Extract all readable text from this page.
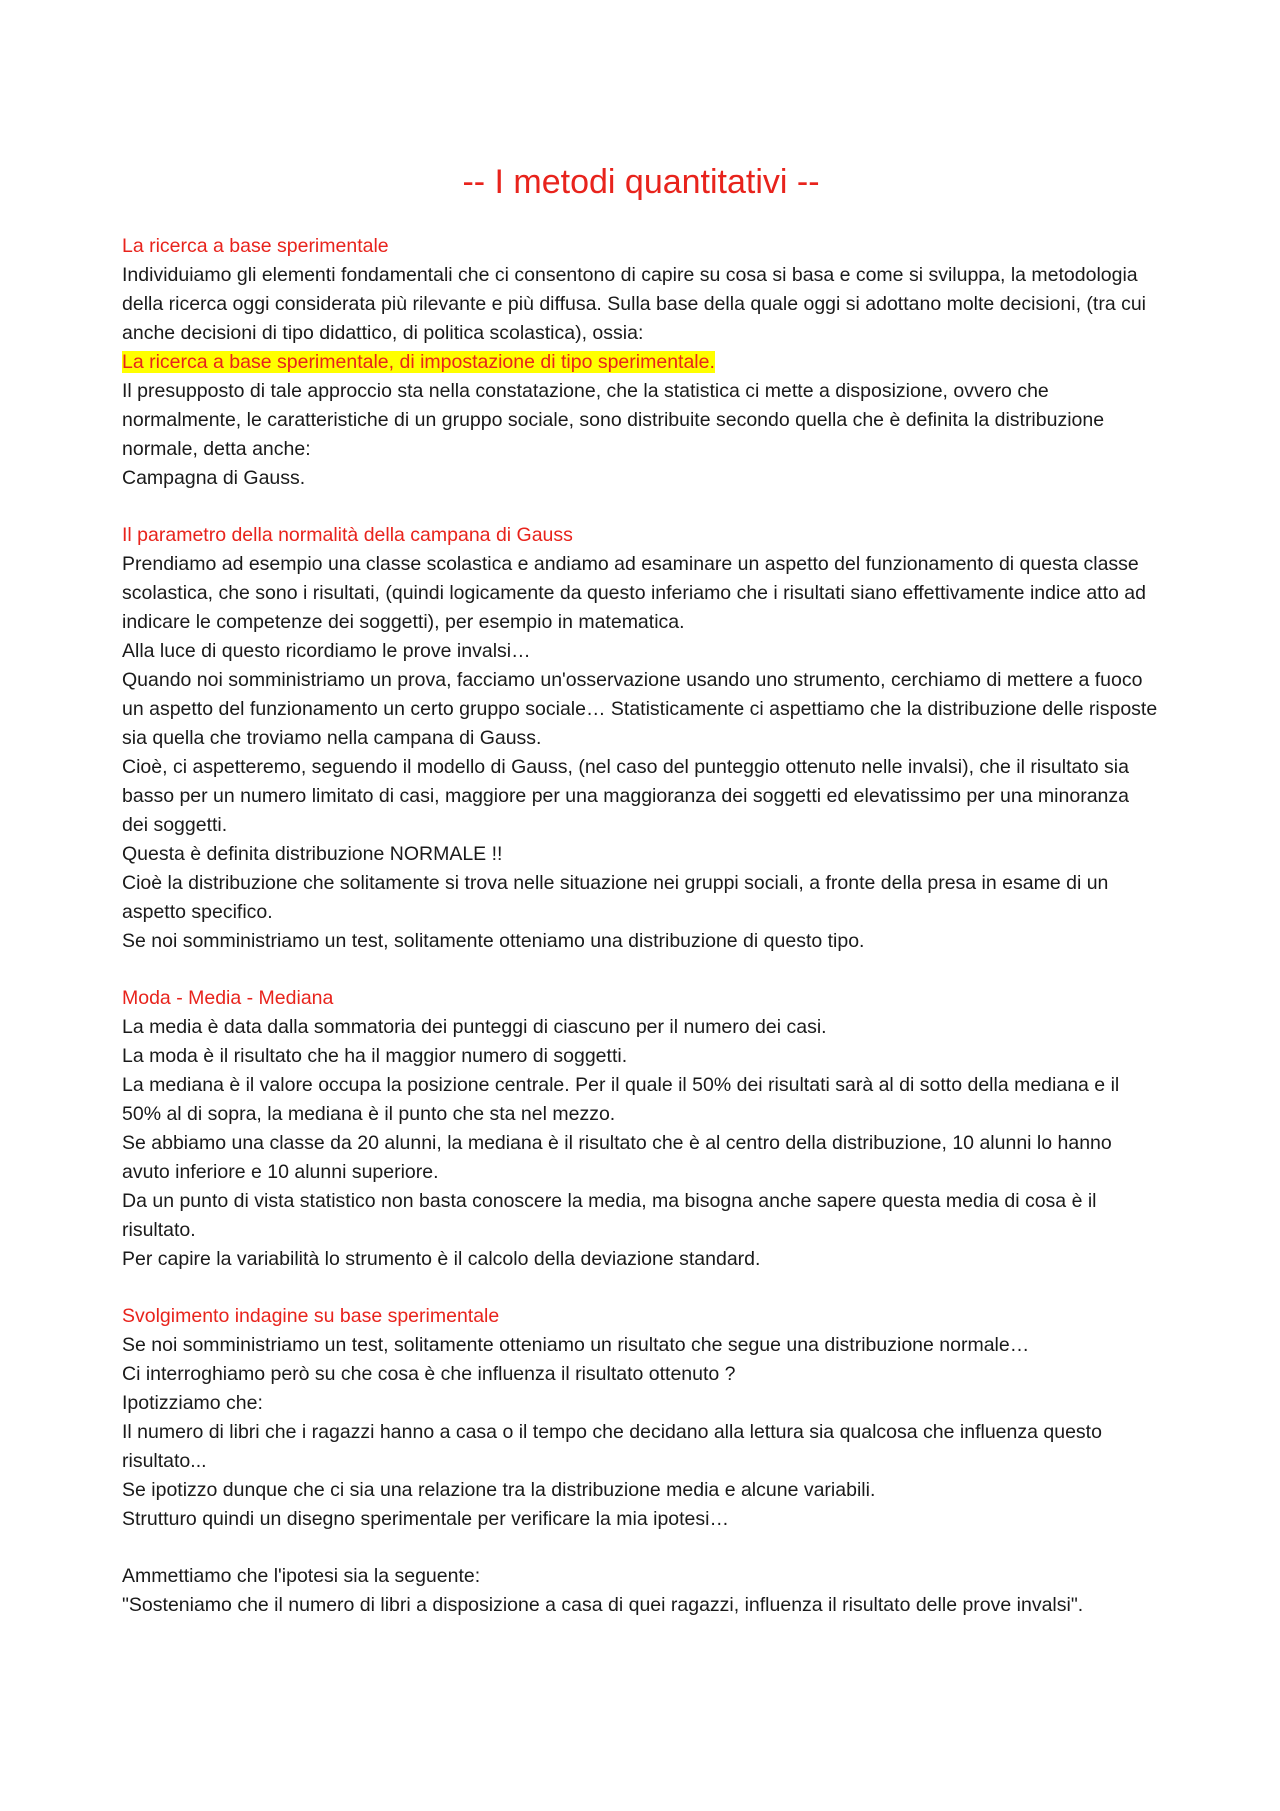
-- I metodi quantitativi --

La ricerca a base sperimentale

Individuiamo gli elementi fondamentali che ci consentono di capire su cosa si basa e come si sviluppa, la metodologia della ricerca oggi considerata più rilevante e più diffusa. Sulla base della quale oggi si adottano molte decisioni, (tra cui anche decisioni di tipo didattico, di politica scolastica), ossia:

La ricerca a base sperimentale, di impostazione di tipo sperimentale.

Il presupposto di tale approccio sta nella constatazione, che la statistica ci mette a disposizione, ovvero che normalmente, le caratteristiche di un gruppo sociale, sono distribuite secondo quella che è definita la distribuzione normale, detta anche:

Campagna di Gauss.

Il parametro della normalità della campana di Gauss

Prendiamo ad esempio una classe scolastica e andiamo ad esaminare un aspetto del funzionamento di questa classe scolastica, che sono i risultati, (quindi logicamente da questo inferiamo che i risultati siano effettivamente indice atto ad indicare le competenze dei soggetti), per esempio in matematica.

Alla luce di questo ricordiamo le prove invalsi…

Quando noi somministriamo un prova, facciamo un'osservazione usando uno strumento, cerchiamo di mettere a fuoco un aspetto del funzionamento un certo gruppo sociale… Statisticamente ci aspettiamo che la distribuzione delle risposte sia quella che troviamo nella campana di Gauss.

Cioè, ci aspetteremo, seguendo il modello di Gauss, (nel caso del punteggio ottenuto nelle invalsi), che il risultato sia basso per un numero limitato di casi, maggiore per una maggioranza dei soggetti ed elevatissimo per una minoranza dei soggetti.

Questa è definita distribuzione NORMALE !!

Cioè la distribuzione che solitamente si trova nelle situazione nei gruppi sociali, a fronte della presa in esame di un aspetto specifico.

Se noi somministriamo un test, solitamente otteniamo una distribuzione di questo tipo.

Moda - Media - Mediana

La media è data dalla sommatoria dei punteggi di ciascuno per il numero dei casi.

La moda è il risultato che ha il maggior numero di soggetti.

La mediana è il valore occupa la posizione centrale. Per il quale il 50% dei risultati sarà al di sotto della mediana e il 50% al di sopra, la mediana è il punto che sta nel mezzo.

Se abbiamo una classe da 20 alunni, la mediana è il risultato che è al centro della distribuzione, 10 alunni lo hanno avuto inferiore e 10 alunni superiore.

Da un punto di vista statistico non basta conoscere la media, ma bisogna anche sapere questa media di cosa è il risultato.

Per capire la variabilità lo strumento è il calcolo della deviazione standard.

Svolgimento indagine su base sperimentale

Se noi somministriamo un test, solitamente otteniamo un risultato che segue una distribuzione normale…

Ci interroghiamo però su che cosa è che influenza il risultato ottenuto ?

Ipotizziamo che:

Il numero di libri che i ragazzi hanno a casa o il tempo che decidano alla lettura sia qualcosa che influenza questo risultato...

Se ipotizzo dunque che ci sia una relazione tra la distribuzione media e alcune variabili.

Strutturo quindi un disegno sperimentale per verificare la mia ipotesi…

Ammettiamo che l'ipotesi sia la seguente:

"Sosteniamo che il numero di libri a disposizione a casa di quei ragazzi, influenza il risultato delle prove invalsi".
